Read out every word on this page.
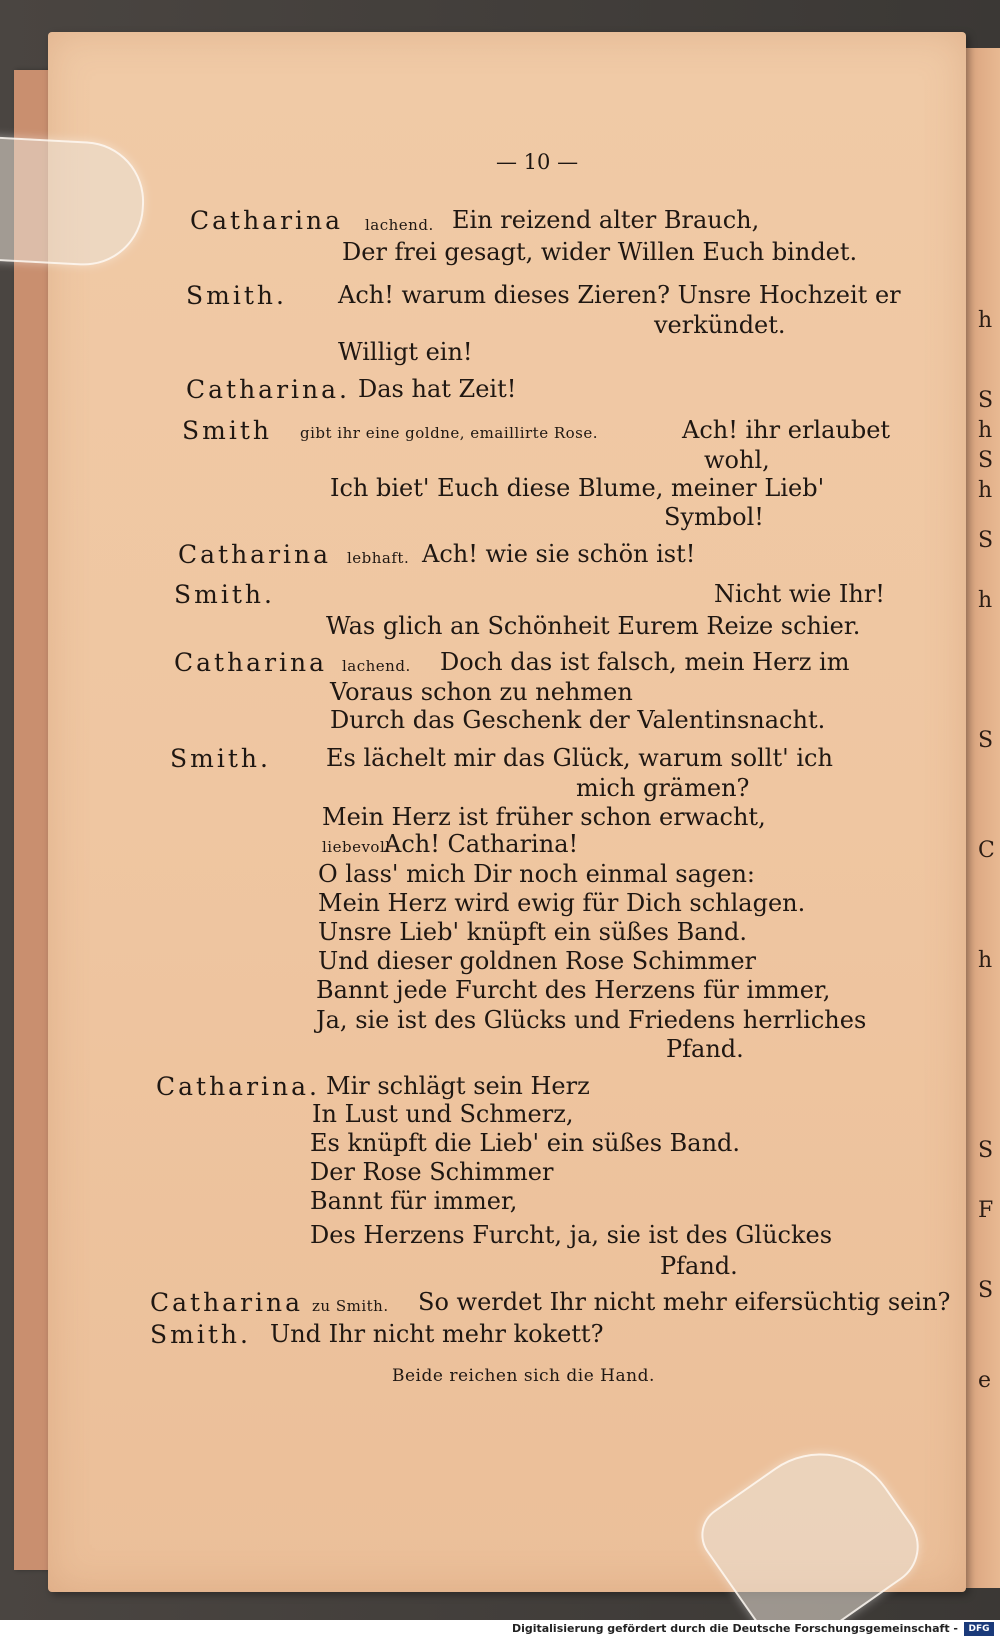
h
S
h
S
h
S
h
S
C
h
S
F
S
e
— 10 —
Catharina lachend. Ein reizend alter Brauch,
Der frei gesagt, wider Willen Euch bindet.
Smith. Ach! warum dieses Zieren? Unsre Hochzeit er
verkündet.
Willigt ein!
Catharina. Das hat Zeit!
Smith gibt ihr eine goldne, emaillirte Rose.	Ach! ihr erlaubet
wohl,
Ich biet' Euch diese Blume, meiner Lieb'
Symbol!
Catharina lebhaft. Ach! wie sie schön ist!
Smith.	Nicht wie Ihr!
Was glich an Schönheit Eurem Reize schier.
Catharina lachend. Doch das ist falsch, mein Herz im
Voraus schon zu nehmen
Durch das Geschenk der Valentinsnacht.
Smith. Es lächelt mir das Glück, warum sollt' ich
mich grämen?
Mein Herz ist früher schon erwacht,
liebevoll
Ach! Catharina!
O lass' mich Dir noch einmal sagen:
Mein Herz wird ewig für Dich schlagen.
Unsre Lieb' knüpft ein süßes Band.
Und dieser goldnen Rose Schimmer
Bannt jede Furcht des Herzens für immer,
Ja, sie ist des Glücks und Friedens herrliches
Pfand.
Catharina. Mir schlägt sein Herz
In Lust und Schmerz,
Es knüpft die Lieb' ein süßes Band.
Der Rose Schimmer
Bannt für immer,
Des Herzens Furcht, ja, sie ist des Glückes
Pfand.
Catharina zu Smith. So werdet Ihr nicht mehr eifersüchtig sein?
Smith. Und Ihr nicht mehr kokett?
Beide reichen sich die Hand.
Digitalisierung gefördert durch die Deutsche Forschungsgemeinschaft -	DFG
